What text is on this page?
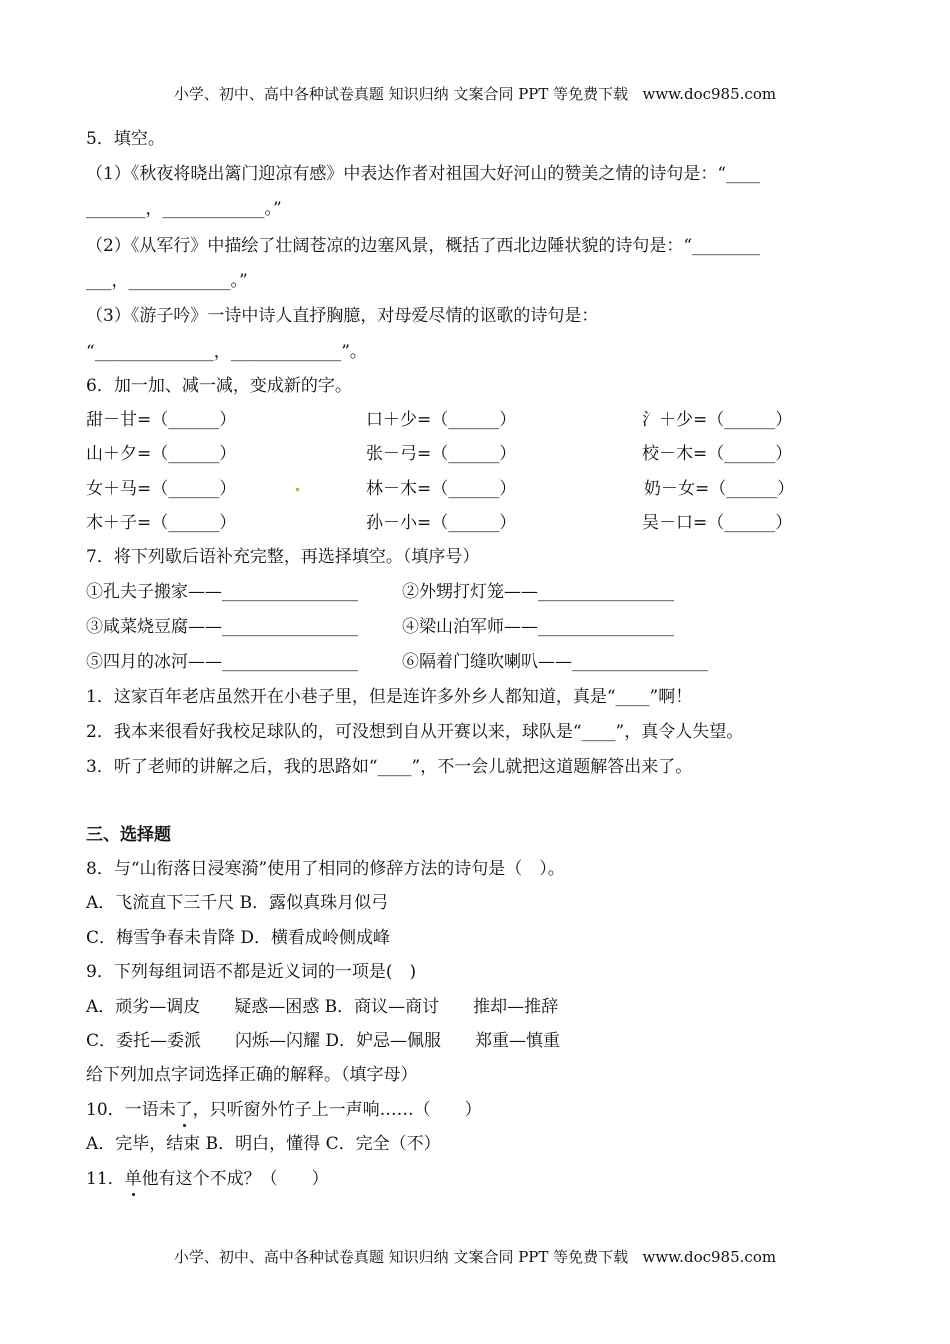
小学、初中、高中各种试卷真题 知识归纳 文案合同 PPT 等免费下载   www.doc985.com
5．填空。
（1）《秋夜将晓出篱门迎凉有感》中表达作者对祖国大好河山的赞美之情的诗句是：“____
_______，____________。”
（2）《从军行》中描绘了壮阔苍凉的边塞风景，概括了西北边陲状貌的诗句是：“________
___，____________。”
（3）《游子吟》一诗中诗人直抒胸臆，对母爱尽情的讴歌的诗句是：
“______________，_____________”。
6．加一加、减一减，变成新的字。
甜－甘=（______）	口＋少=（______）	氵＋少=（______）
山＋夕=（______）	张－弓=（______）	校－木=（______）
女＋马=（______）	林－木=（______）	奶－女=（______）
木＋子=（______）	孙－小=（______）	吴－口=（______）
7．将下列歇后语补充完整，再选择填空。（填序号）
①孔夫子搬家——________________	②外甥打灯笼——________________
③咸菜烧豆腐——________________	④梁山泊军师——________________
⑤四月的冰河——________________	⑥隔着门缝吹喇叭——________________
1．这家百年老店虽然开在小巷子里，但是连许多外乡人都知道，真是“____”啊！
2．我本来很看好我校足球队的，可没想到自从开赛以来，球队是“____”，真令人失望。
3．听了老师的讲解之后，我的思路如“____”，不一会儿就把这道题解答出来了。
三、选择题
8．与“山衔落日浸寒漪”使用了相同的修辞方法的诗句是（　）。
A．飞流直下三千尺 B．露似真珠月似弓
C．梅雪争春未肯降 D．横看成岭侧成峰
9．下列每组词语不都是近义词的一项是(　)
A．顽劣—调皮　　疑惑—困惑 B．商议—商讨　　推却—推辞
C．委托—委派　　闪烁—闪耀 D．妒忌—佩服　　郑重—慎重
给下列加点字词选择正确的解释。（填字母）
10．一语未了，只听窗外竹子上一声响……（　　）
A．完毕，结束 B．明白，懂得 C．完全（不）
11．单他有这个不成？（　　）
小学、初中、高中各种试卷真题 知识归纳 文案合同 PPT 等免费下载   www.doc985.com
